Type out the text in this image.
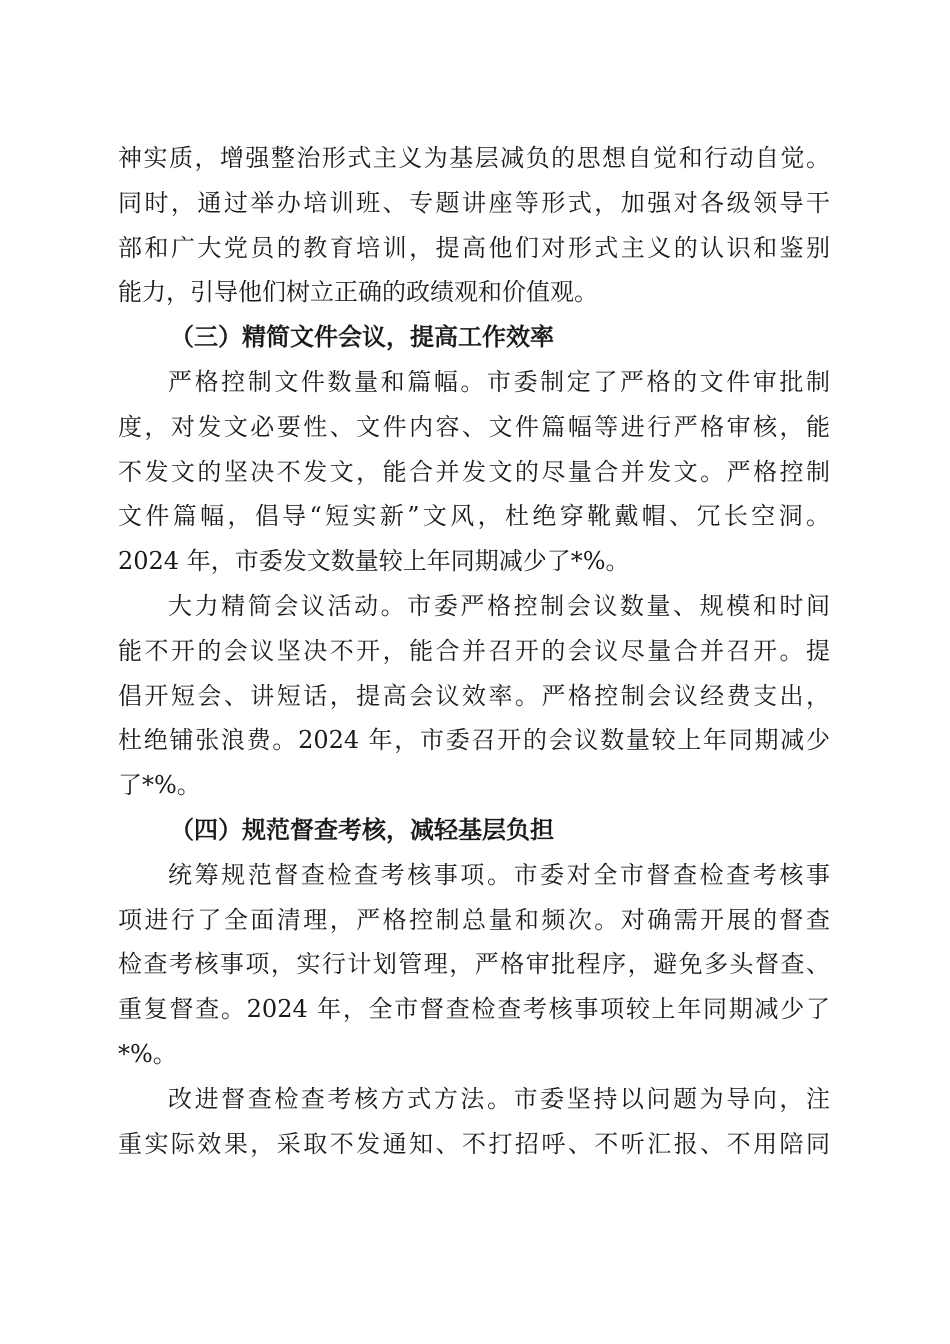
神实质，增强整治形式主义为基层减负的思想自觉和行动自觉。
同时，通过举办培训班、专题讲座等形式，加强对各级领导干
部和广大党员的教育培训，提高他们对形式主义的认识和鉴别
能力，引导他们树立正确的政绩观和价值观。
（三）精简文件会议，提高工作效率
严格控制文件数量和篇幅。市委制定了严格的文件审批制
度，对发文必要性、文件内容、文件篇幅等进行严格审核，能
不发文的坚决不发文，能合并发文的尽量合并发文。严格控制
文件篇幅，倡导“短实新”文风，杜绝穿靴戴帽、冗长空洞。
2024 年，市委发文数量较上年同期减少了*%。
大力精简会议活动。市委严格控制会议数量、规模和时间
能不开的会议坚决不开，能合并召开的会议尽量合并召开。提
倡开短会、讲短话，提高会议效率。严格控制会议经费支出，
杜绝铺张浪费。2024 年，市委召开的会议数量较上年同期减少
了*%。
（四）规范督查考核，减轻基层负担
统筹规范督查检查考核事项。市委对全市督查检查考核事
项进行了全面清理，严格控制总量和频次。对确需开展的督查
检查考核事项，实行计划管理，严格审批程序，避免多头督查、
重复督查。2024 年，全市督查检查考核事项较上年同期减少了
*%。
改进督查检查考核方式方法。市委坚持以问题为导向，注
重实际效果，采取不发通知、不打招呼、不听汇报、不用陪同
